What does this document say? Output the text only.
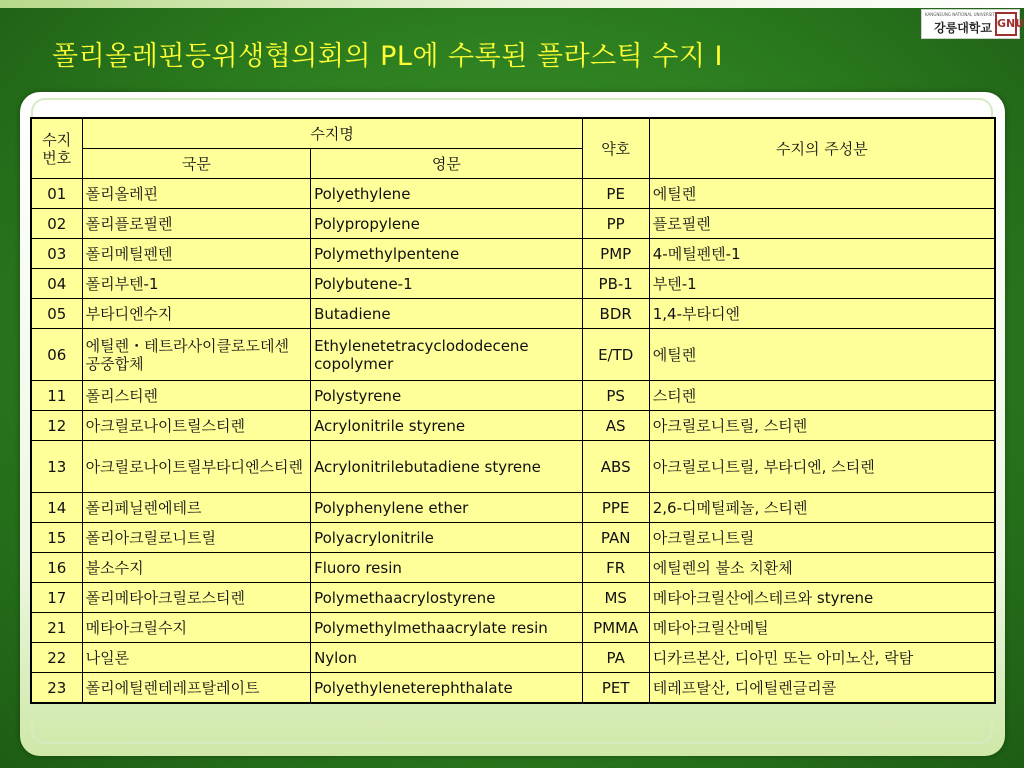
폴리올레핀등위생협의회의 PL에 수록된 플라스틱 수지 I
KANGNEUNG NATIONAL UNIVERSITY
강릉대학교 GNU
수지
번호	수지명		약호	수지의 주성분
	국문	영문		
01	폴리올레핀	Polyethylene	PE	에틸렌
02	폴리플로필렌	Polypropylene	PP	플로필렌
03	폴리메틸펜텐	Polymethylpentene	PMP	4-메틸펜텐-1
04	폴리부텐-1	Polybutene-1	PB-1	부텐-1
05	부타디엔수지	Butadiene	BDR	1,4-부타디엔
06	에틸렌・테트라사이클로도데센 공중합체	Ethylenetetracyclododecene copolymer	E/TD	에틸렌
11	폴리스티렌	Polystyrene	PS	스티렌
12	아크릴로나이트릴스티렌	Acrylonitrile styrene	AS	아크릴로니트릴, 스티렌
13	아크릴로나이트릴부타디엔스티렌	Acrylonitrilebutadiene styrene	ABS	아크릴로니트릴, 부타디엔, 스티렌
14	폴리페닐렌에테르	Polyphenylene ether	PPE	2,6-디메틸페놀, 스티렌
15	폴리아크릴로니트릴	Polyacrylonitrile	PAN	아크릴로니트릴
16	불소수지	Fluoro resin	FR	에틸렌의 불소 치환체
17	폴리메타아크릴로스티렌	Polymethaacrylostyrene	MS	메타아크릴산에스테르와 styrene
21	메타아크릴수지	Polymethylmethaacrylate resin	PMMA	메타아크릴산메틸
22	나일론	Nylon	PA	디카르본산, 디아민 또는 아미노산, 락탐
23	폴리에틸렌테레프탈레이트	Polyethyleneterephthalate	PET	테레프탈산, 디에틸렌글리콜
